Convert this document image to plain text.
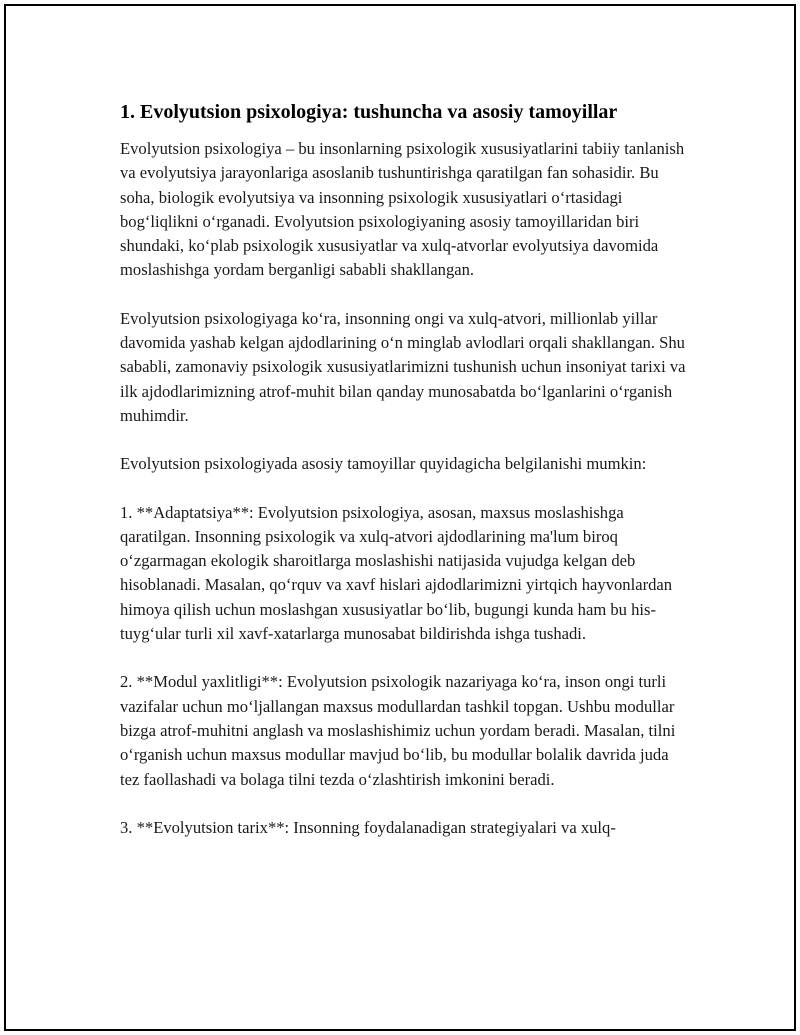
1. Evolyutsion psixologiya: tushuncha va asosiy tamoyillar

Evolyutsion psixologiya – bu insonlarning psixologik xususiyatlarini tabiiy tanlanish va evolyutsiya jarayonlariga asoslanib tushuntirishga qaratilgan fan sohasidir. Bu soha, biologik evolyutsiya va insonning psixologik xususiyatlari o‘rtasidagi bog‘liqlikni o‘rganadi. Evolyutsion psixologiyaning asosiy tamoyillaridan biri shundaki, ko‘plab psixologik xususiyatlar va xulq-atvorlar evolyutsiya davomida moslashishga yordam berganligi sababli shakllangan.

Evolyutsion psixologiyaga ko‘ra, insonning ongi va xulq-atvori, millionlab yillar davomida yashab kelgan ajdodlarining o‘n minglab avlodlari orqali shakllangan. Shu sababli, zamonaviy psixologik xususiyatlarimizni tushunish uchun insoniyat tarixi va ilk ajdodlarimizning atrof-muhit bilan qanday munosabatda bo‘lganlarini o‘rganish muhimdir.

Evolyutsion psixologiyada asosiy tamoyillar quyidagicha belgilanishi mumkin:

1. **Adaptatsiya**: Evolyutsion psixologiya, asosan, maxsus moslashishga qaratilgan. Insonning psixologik va xulq-atvori ajdodlarining ma'lum biroq o‘zgarmagan ekologik sharoitlarga moslashishi natijasida vujudga kelgan deb hisoblanadi. Masalan, qo‘rquv va xavf hislari ajdodlarimizni yirtqich hayvonlardan himoya qilish uchun moslashgan xususiyatlar bo‘lib, bugungi kunda ham bu his-tuyg‘ular turli xil xavf-xatarlarga munosabat bildirishda ishga tushadi.

2. **Modul yaxlitligi**: Evolyutsion psixologik nazariyaga ko‘ra, inson ongi turli vazifalar uchun mo‘ljallangan maxsus modullardan tashkil topgan. Ushbu modullar bizga atrof-muhitni anglash va moslashishimiz uchun yordam beradi. Masalan, tilni o‘rganish uchun maxsus modullar mavjud bo‘lib, bu modullar bolalik davrida juda tez faollashadi va bolaga tilni tezda o‘zlashtirish imkonini beradi.

3. **Evolyutsion tarix**: Insonning foydalanadigan strategiyalari va xulq-
